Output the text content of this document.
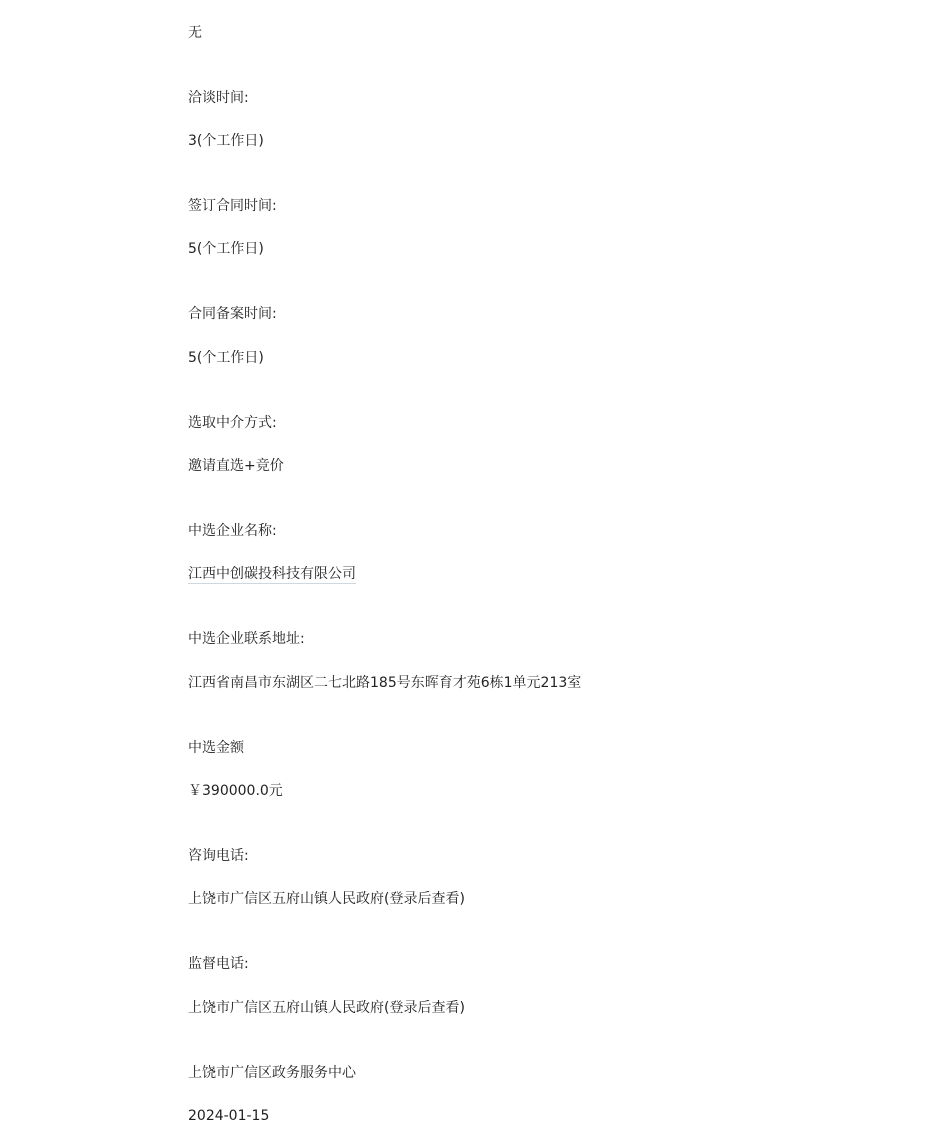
无
洽谈时间:
3(个工作日)
签订合同时间:
5(个工作日)
合同备案时间:
5(个工作日)
选取中介方式:
邀请直选+竞价
中选企业名称:
江西中创碳投科技有限公司
中选企业联系地址:
江西省南昌市东湖区二七北路185号东晖育才苑6栋1单元213室
中选金额
￥390000.0元
咨询电话:
上饶市广信区五府山镇人民政府(登录后查看)
监督电话:
上饶市广信区五府山镇人民政府(登录后查看)
上饶市广信区政务服务中心
2024-01-15
